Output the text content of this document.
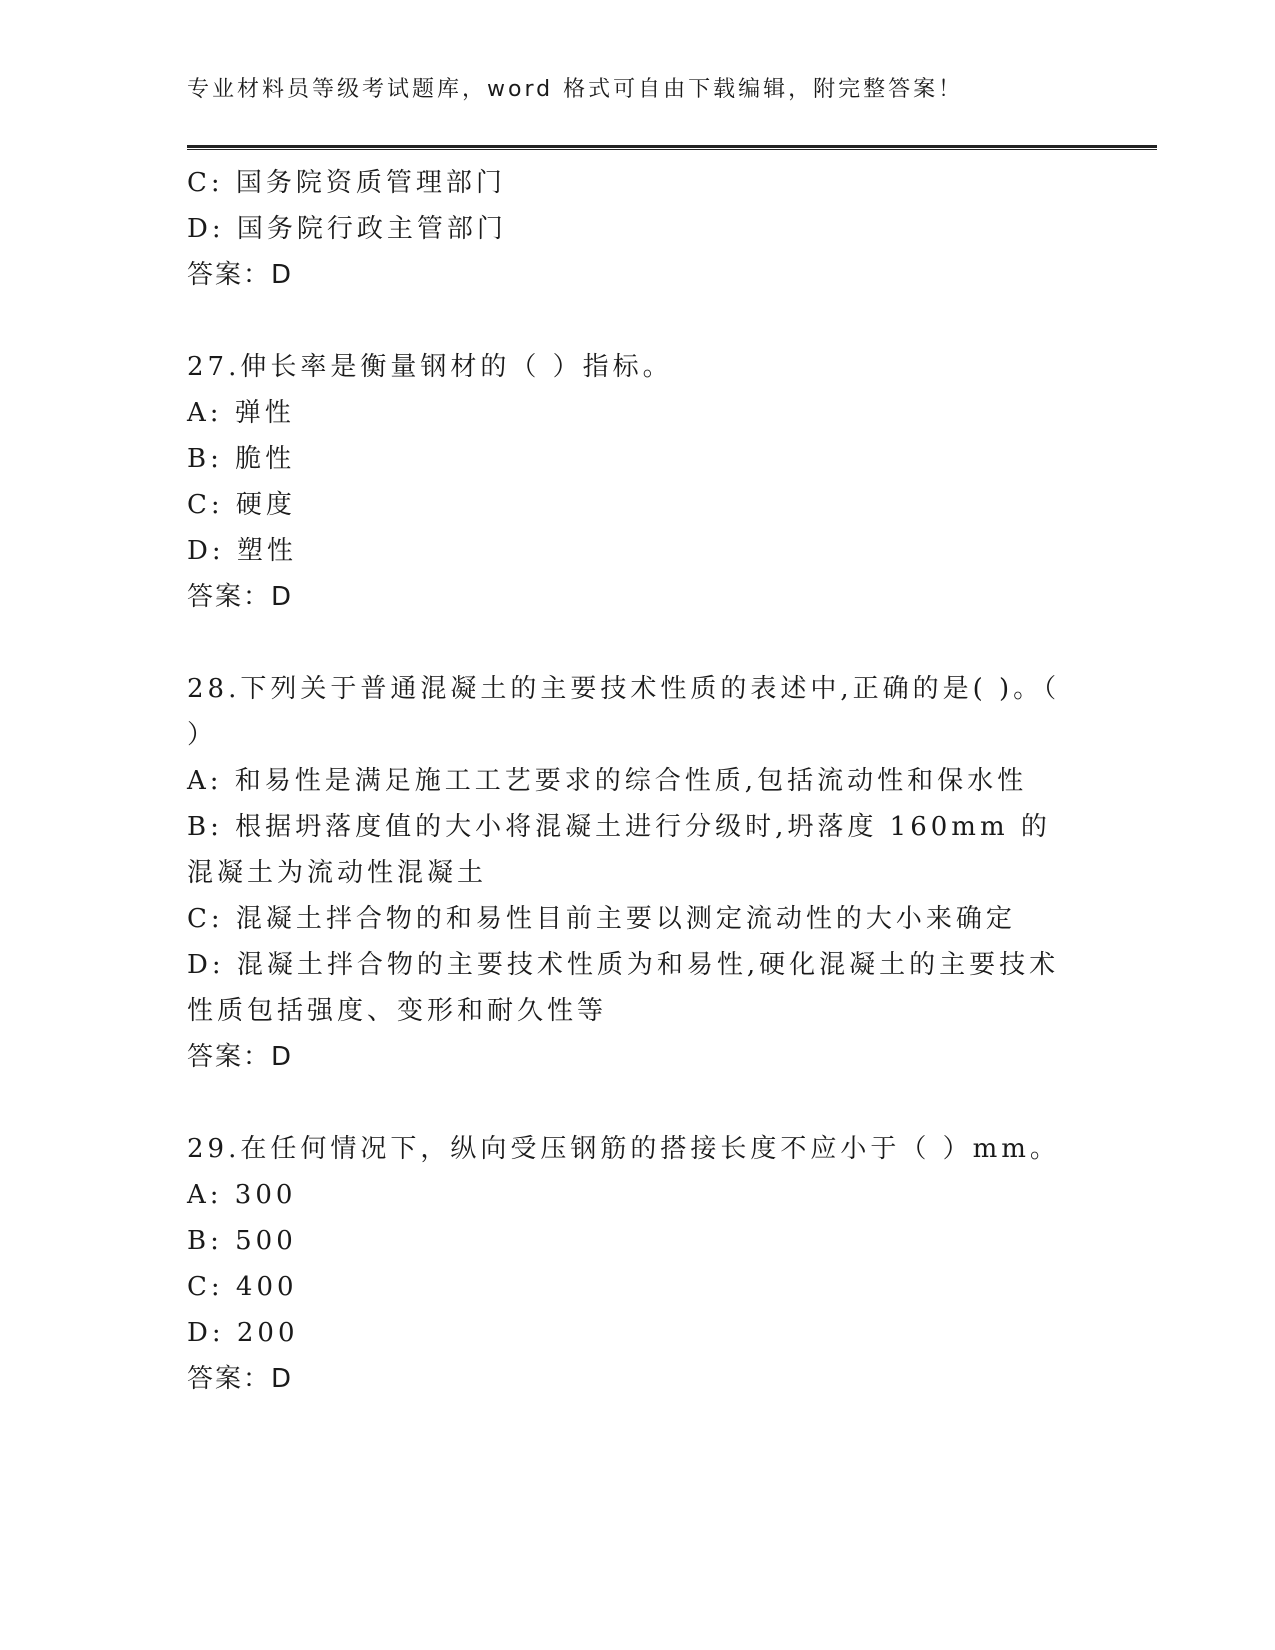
专业材料员等级考试题库，word 格式可自由下载编辑，附完整答案！
C: 国务院资质管理部门
D: 国务院行政主管部门
答案：D
27.伸长率是衡量钢材的（ ）指标。
A: 弹性
B: 脆性
C: 硬度
D: 塑性
答案：D
28.下列关于普通混凝土的主要技术性质的表述中,正确的是( )。（ ）
A: 和易性是满足施工工艺要求的综合性质,包括流动性和保水性
B: 根据坍落度值的大小将混凝土进行分级时,坍落度 160mm 的混凝土为流动性混凝土
C: 混凝土拌合物的和易性目前主要以测定流动性的大小来确定
D: 混凝土拌合物的主要技术性质为和易性,硬化混凝土的主要技术性质包括强度、变形和耐久性等
答案：D
29.在任何情况下，纵向受压钢筋的搭接长度不应小于（ ）mm。
A: 300
B: 500
C: 400
D: 200
答案：D
